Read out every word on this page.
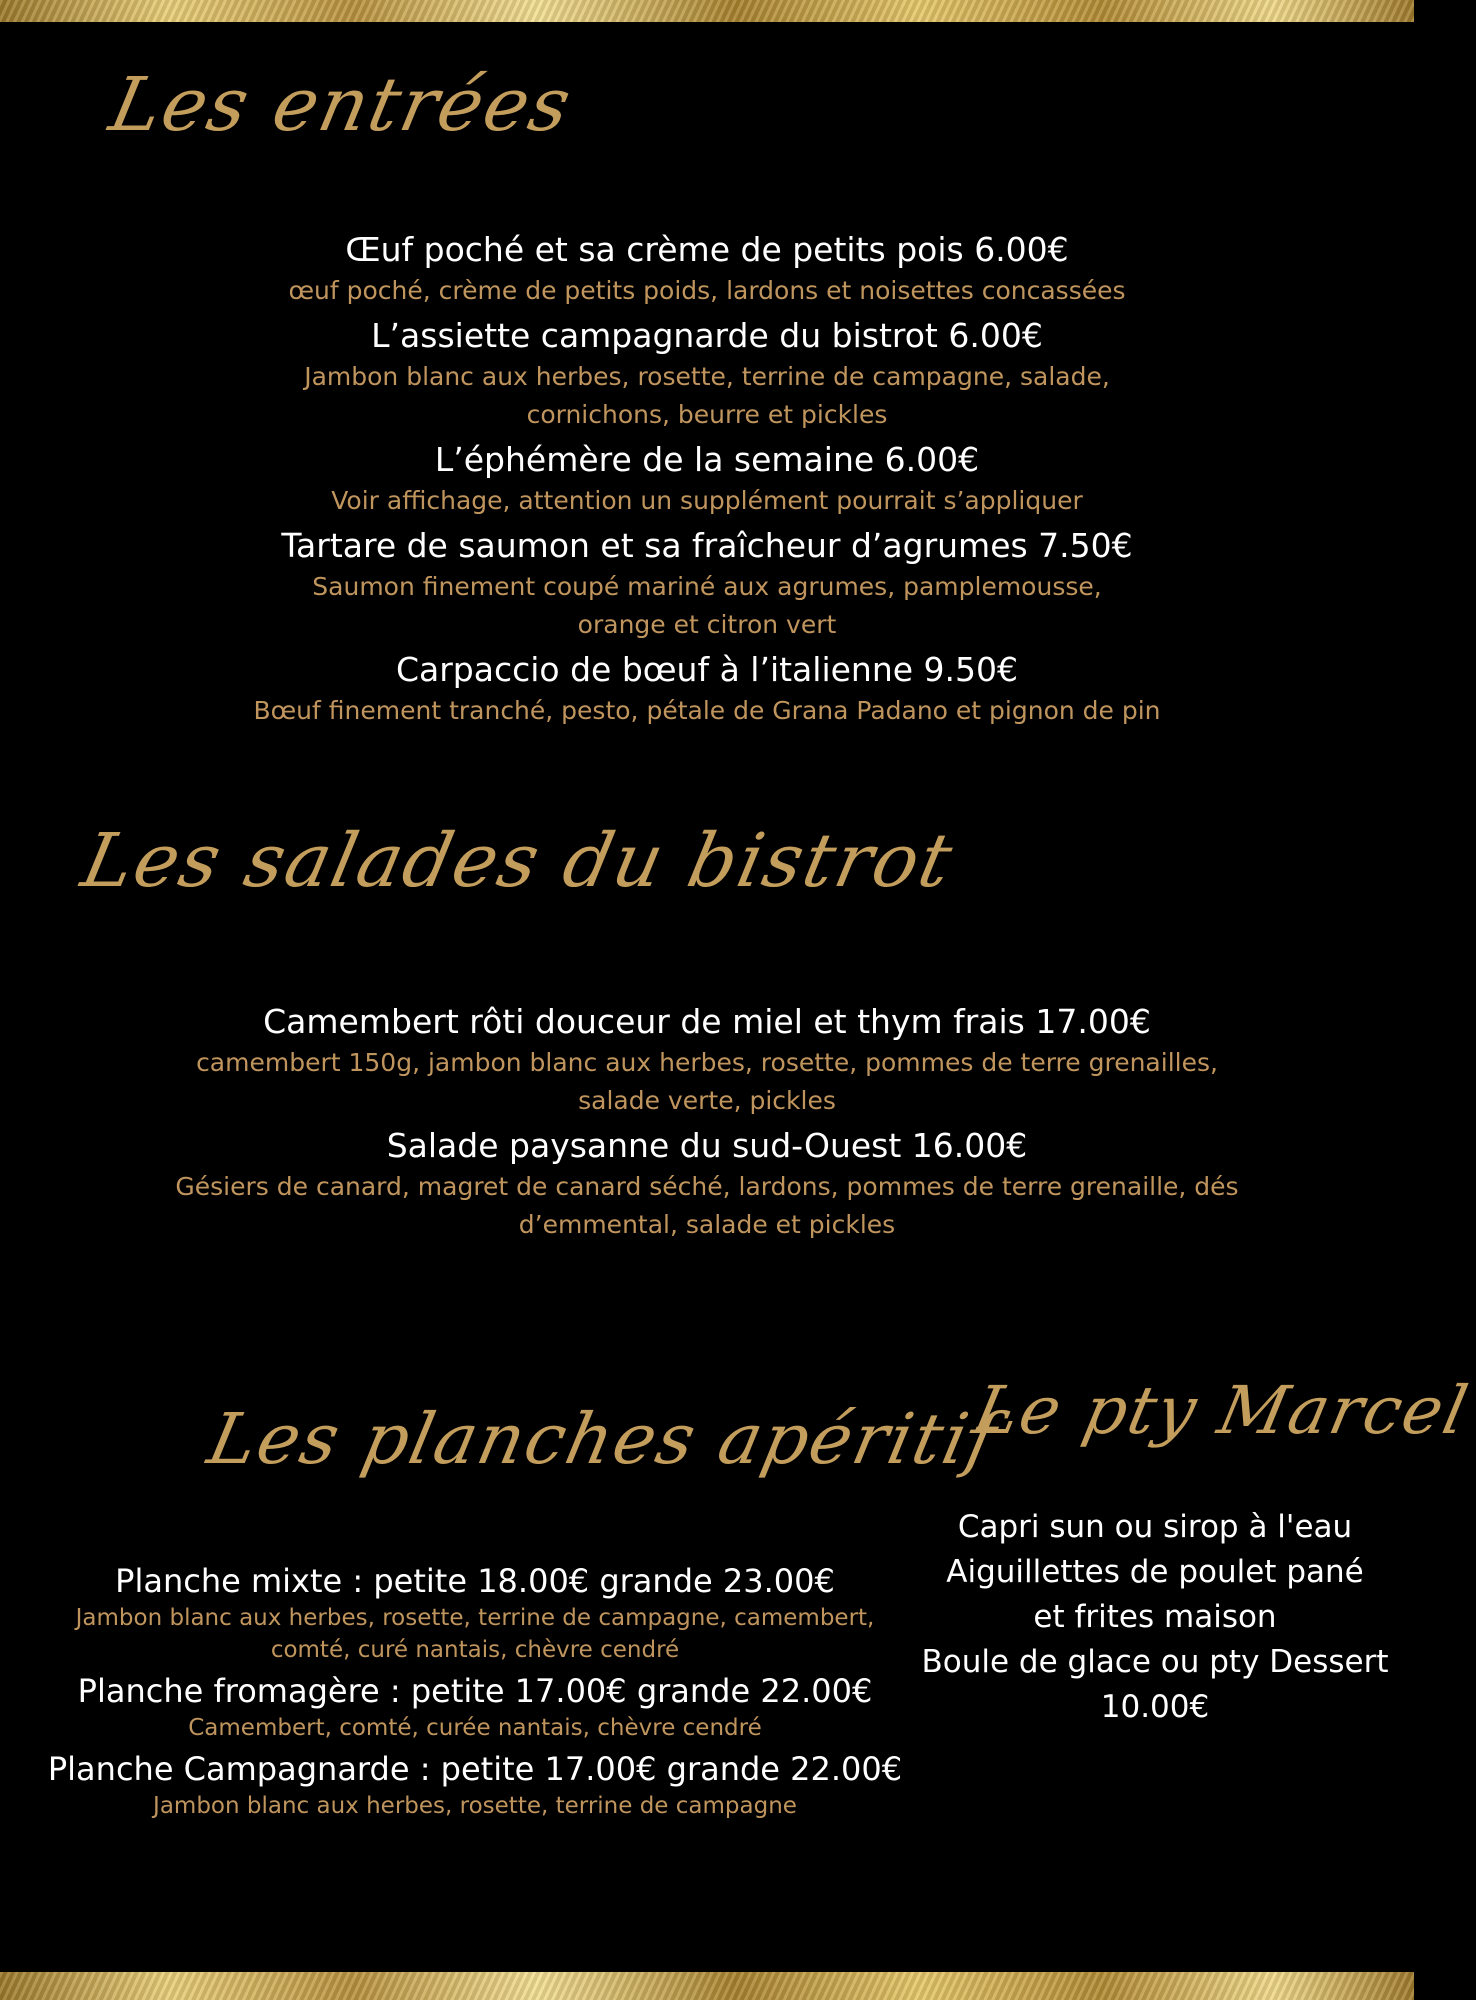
Les entrées
Œuf poché et sa crème de petits pois 6.00€
œuf poché, crème de petits poids, lardons et noisettes concassées
L’assiette campagnarde du bistrot 6.00€
Jambon blanc aux herbes, rosette, terrine de campagne, salade,
cornichons, beurre et pickles
L’éphémère de la semaine 6.00€
Voir affichage, attention un supplément pourrait s’appliquer
Tartare de saumon et sa fraîcheur d’agrumes 7.50€
Saumon finement coupé mariné aux agrumes, pamplemousse,
orange et citron vert
Carpaccio de bœuf à l’italienne 9.50€
Bœuf finement tranché, pesto, pétale de Grana Padano et pignon de pin
Les salades du bistrot
Camembert rôti douceur de miel et thym frais 17.00€
camembert 150g, jambon blanc aux herbes, rosette, pommes de terre grenailles,
salade verte, pickles
Salade paysanne du sud-Ouest 16.00€
Gésiers de canard, magret de canard séché, lardons, pommes de terre grenaille, dés
d’emmental, salade et pickles
Les planches apéritif
Planche mixte : petite 18.00€ grande 23.00€
Jambon blanc aux herbes, rosette, terrine de campagne, camembert,
comté, curé nantais, chèvre cendré
Planche fromagère : petite 17.00€ grande 22.00€
Camembert, comté, curée nantais, chèvre cendré
Planche Campagnarde : petite 17.00€ grande 22.00€
Jambon blanc aux herbes, rosette, terrine de campagne
Le pty Marcel
Capri sun ou sirop à l'eau
Aiguillettes de poulet pané
et frites maison
Boule de glace ou pty Dessert
10.00€
